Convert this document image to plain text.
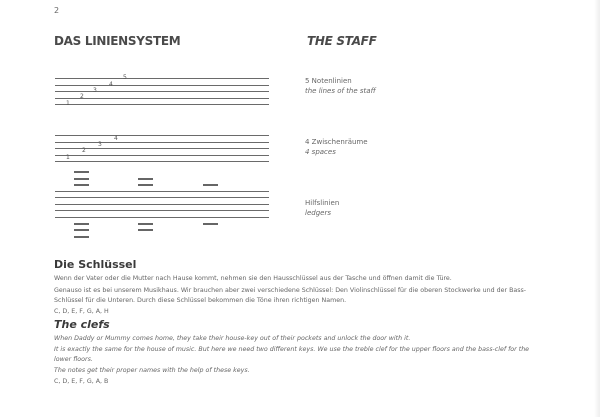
2
DAS LINIENSYSTEM	THE STAFF
1
2
3
4
5	5 Notenlinien
the lines of the staff
1
2
3
4	4 Zwischenräume
4 spaces
Hilfslinien
ledgers
Die Schlüssel
Wenn der Vater oder die Mutter nach Hause kommt, nehmen sie den Hausschlüssel aus der Tasche und öffnen damit die Türe.
Genauso ist es bei unserem Musikhaus. Wir brauchen aber zwei verschiedene Schlüssel: Den Violinschlüssel für die oberen Stockwerke und der Bass-
Schlüssel für die Unteren. Durch diese Schlüssel bekommen die Töne ihren richtigen Namen.
C, D, E, F, G, A, H
The clefs
When Daddy or Mummy comes home, they take their house-key out of their pockets and unlock the door with it.
It is exactly the same for the house of music. But here we need two different keys. We use the treble clef for the upper floors and the bass-clef for the
lower floors.
The notes get their proper names with the help of these keys.
C, D, E, F, G, A, B
